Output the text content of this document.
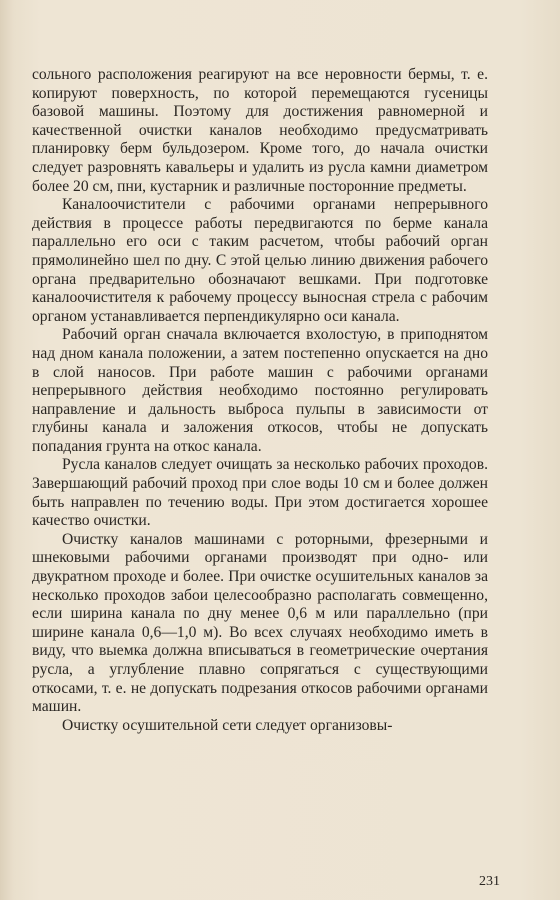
сольного расположения реагируют на все неровности бермы, т. е. копируют поверхность, по которой перемещаются гусеницы базовой машины. Поэтому для достижения равномерной и качественной очистки каналов необходимо предусматривать планировку берм бульдозером. Кроме того, до начала очистки следует разровнять кавальеры и удалить из русла камни диаметром более 20 см, пни, кустарник и различные посторонние предметы.

Каналоочистители с рабочими органами непрерывного действия в процессе работы передвигаются по берме канала параллельно его оси с таким расчетом, чтобы рабочий орган прямолинейно шел по дну. С этой целью линию движения рабочего органа предварительно обозначают вешками. При подготовке каналоочистителя к рабочему процессу выносная стрела с рабочим органом устанавливается перпендикулярно оси канала.

Рабочий орган сначала включается вхолостую, в приподнятом над дном канала положении, а затем постепенно опускается на дно в слой наносов. При работе машин с рабочими органами непрерывного действия необходимо постоянно регулировать направление и дальность выброса пульпы в зависимости от глубины канала и заложения откосов, чтобы не допускать попадания грунта на откос канала.

Русла каналов следует очищать за несколько рабочих проходов. Завершающий рабочий проход при слое воды 10 см и более должен быть направлен по течению воды. При этом достигается хорошее качество очистки.

Очистку каналов машинами с роторными, фрезерными и шнековыми рабочими органами производят при одно- или двукратном проходе и более. При очистке осушительных каналов за несколько проходов забои целесообразно располагать совмещенно, если ширина канала по дну менее 0,6 м или параллельно (при ширине канала 0,6—1,0 м). Во всех случаях необходимо иметь в виду, что выемка должна вписываться в геометрические очертания русла, а углубление плавно сопрягаться с существующими откосами, т. е. не допускать подрезания откосов рабочими органами машин.

Очистку осушительной сети следует организовы-

231
